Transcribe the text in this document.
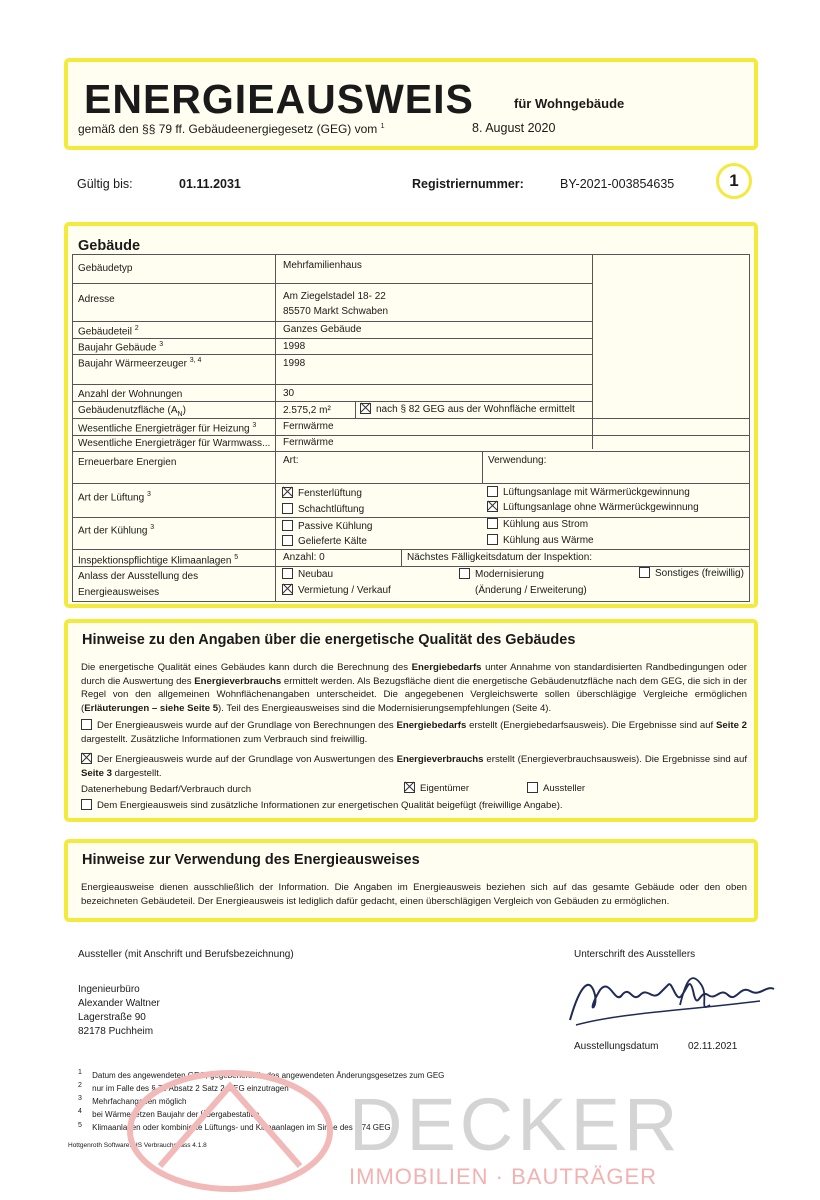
ENERGIEAUSWEIS	für Wohngebäude
gemäß den §§ 79 ff. Gebäudeenergiegesetz (GEG) vom $^1$	8. August 2020
Gültig bis:	01.11.2031	Registriernummer:	BY-2021-003854635	1
Gebäude
Gebäudetyp	Mehrfamilienhaus
Adresse	Am Ziegelstadel 18- 22
85570 Markt Schwaben
Gebäudeteil $^2$	Ganzes Gebäude
Baujahr Gebäude $^3$	1998
Baujahr Wärmeerzeuger $^{3, 4}$	1998
Anzahl der Wohnungen	30
Gebäudenutzfläche $(A_N)$	2.575,2 m²	nach § 82 GEG aus der Wohnfläche ermittelt
Wesentliche Energieträger für Heizung $^3$	Fernwärme
Wesentliche Energieträger für Warmwass... Fernwärme
Erneuerbare Energien	Art:	Verwendung:
Art der Lüftung $^3$	Fensterlüftung	Lüftungsanlage mit Wärmerückgewinnung
Schachtlüftung	Lüftungsanlage ohne Wärmerückgewinnung
Art der Kühlung $^3$	Passive Kühlung	Kühlung aus Strom
Gelieferte Kälte	Kühlung aus Wärme
Inspektionspflichtige Klimaanlagen $^5$	Anzahl: 0	Nächstes Fälligkeitsdatum der Inspektion:
Anlass der Ausstellung des
Energieausweises
Neubau	Modernisierung
(Änderung / Erweiterung)
Sonstiges (freiwillig)
Vermietung / Verkauf
Hinweise zu den Angaben über die energetische Qualität des Gebäudes
Die energetische Qualität eines Gebäudes kann durch die Berechnung des Energiebedarfs unter Annahme von standardisierten Randbedingungen oder durch die Auswertung des Energieverbrauchs ermittelt werden. Als Bezugsfläche dient die energetische Gebäudenutzfläche nach dem GEG, die sich in der Regel von den allgemeinen Wohnflächenangaben unterscheidet. Die angegebenen Vergleichswerte sollen überschlägige Vergleiche ermöglichen (Erläuterungen – siehe Seite 5). Teil des Energieausweises sind die Modernisierungsempfehlungen (Seite 4).
Der Energieausweis wurde auf der Grundlage von Berechnungen des Energiebedarfs erstellt (Energiebedarfsausweis). Die Ergebnisse sind auf Seite 2 dargestellt. Zusätzliche Informationen zum Verbrauch sind freiwillig.
Der Energieausweis wurde auf der Grundlage von Auswertungen des Energieverbrauchs erstellt (Energieverbrauchsausweis). Die Ergebnisse sind auf Seite 3 dargestellt.
Datenerhebung Bedarf/Verbrauch durch	Eigentümer	Aussteller
Dem Energieausweis sind zusätzliche Informationen zur energetischen Qualität beigefügt (freiwillige Angabe).
Hinweise zur Verwendung des Energieausweises
Energieausweise dienen ausschließlich der Information. Die Angaben im Energieausweis beziehen sich auf das gesamte Gebäude oder den oben bezeichneten Gebäudeteil. Der Energieausweis ist lediglich dafür gedacht, einen überschlägigen Vergleich von Gebäuden zu ermöglichen.
Aussteller (mit Anschrift und Berufsbezeichnung)
Ingenieurbüro
Alexander Waltner
Lagerstraße 90
82178 Puchheim
Unterschrift des Ausstellers
Ausstellungsdatum	02.11.2021
$^1$ Datum des angewendeten GEG, gegebenenfalls des angewendeten Änderungsgesetzes zum GEG
$^2$ nur im Falle des § 79 Absatz 2 Satz 2 GEG einzutragen
$^3$ Mehrfachangaben möglich
$^4$ bei Wärmenetzen Baujahr der Übergabestation
$^5$ Klimaanlagen oder kombinierte Lüftungs- und Klimaanlagen im Sinne des § 74 GEG
Hottgenroth Software: HS Verbrauchspass 4.1.8 DECKER
IMMOBILIEN · BAUTRÄGER
